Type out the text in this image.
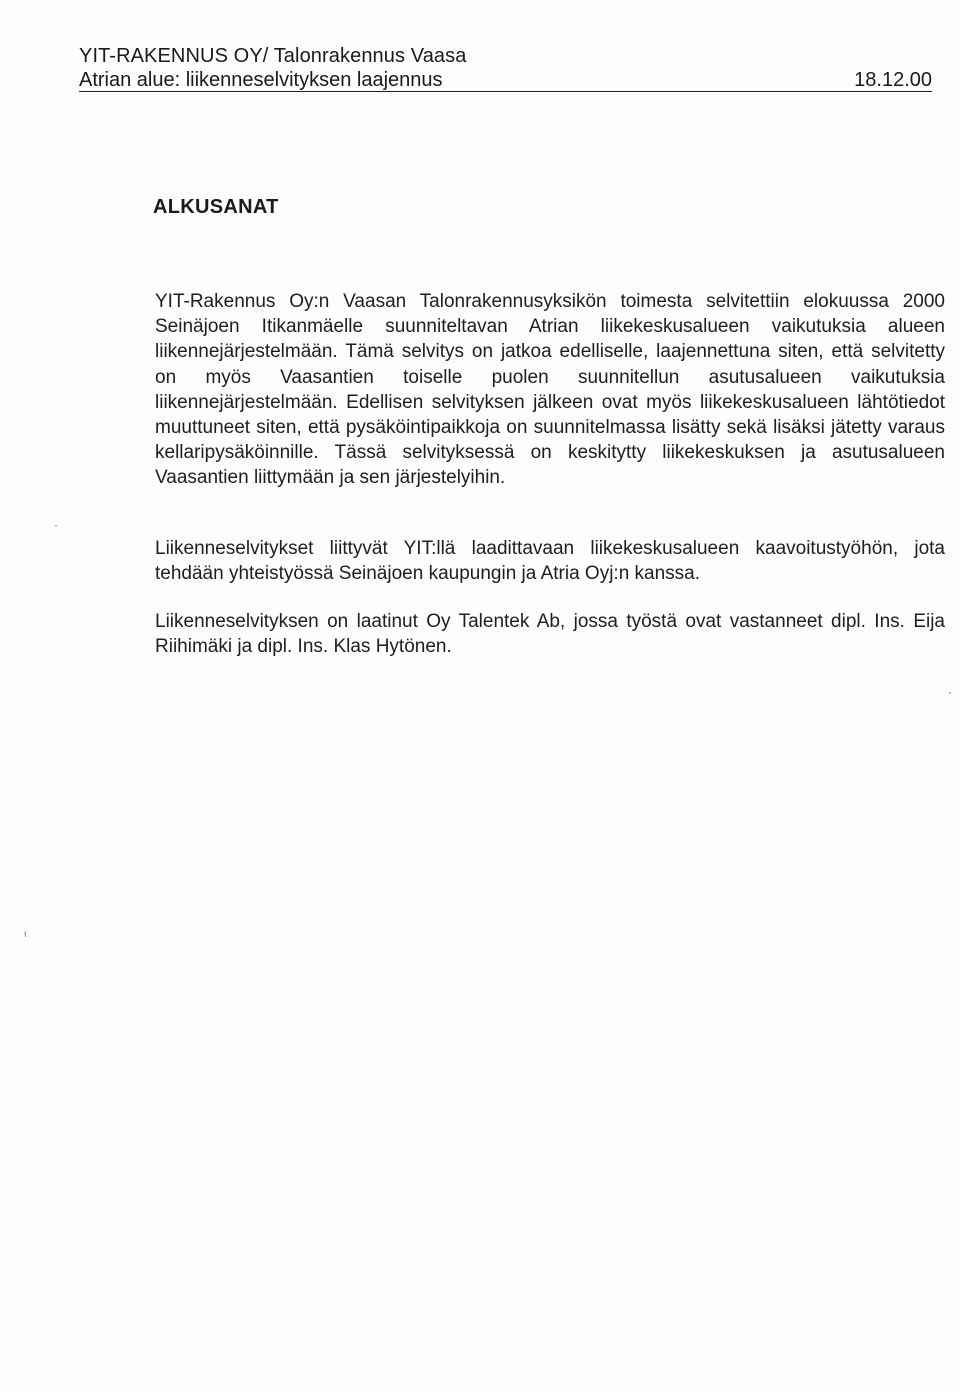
YIT-RAKENNUS OY/ Talonrakennus Vaasa
Atrian alue: liikenneselvityksen laajennus	18.12.00
ALKUSANAT
YIT-Rakennus Oy:n Vaasan Talonrakennusyksikön toimesta selvitettiin elokuussa 2000 Seinäjoen Itikanmäelle suunniteltavan Atrian liikekeskusalueen vaikutuksia alueen liikennejärjestelmään. Tämä selvitys on jatkoa edelliselle, laajennettuna siten, että selvitetty on myös Vaasantien toiselle puolen suunnitellun asutusalueen vaikutuksia liikennejärjestelmään. Edellisen selvityksen jälkeen ovat myös liikekeskusalueen lähtötiedot muuttuneet siten, että pysäköintipaikkoja on suunnitelmassa lisätty sekä lisäksi jätetty varaus kellaripysäköinnille. Tässä selvityksessä on keskitytty liikekeskuksen ja asutusalueen Vaasantien liittymään ja sen järjestelyihin.
Liikenneselvitykset liittyvät YIT:llä laadittavaan liikekeskusalueen kaavoitustyöhön, jota tehdään yhteistyössä Seinäjoen kaupungin ja Atria Oyj:n kanssa.
Liikenneselvityksen on laatinut Oy Talentek Ab, jossa työstä ovat vastanneet dipl. Ins. Eija Riihimäki ja dipl. Ins. Klas Hytönen.
ˈ
⁽
·
